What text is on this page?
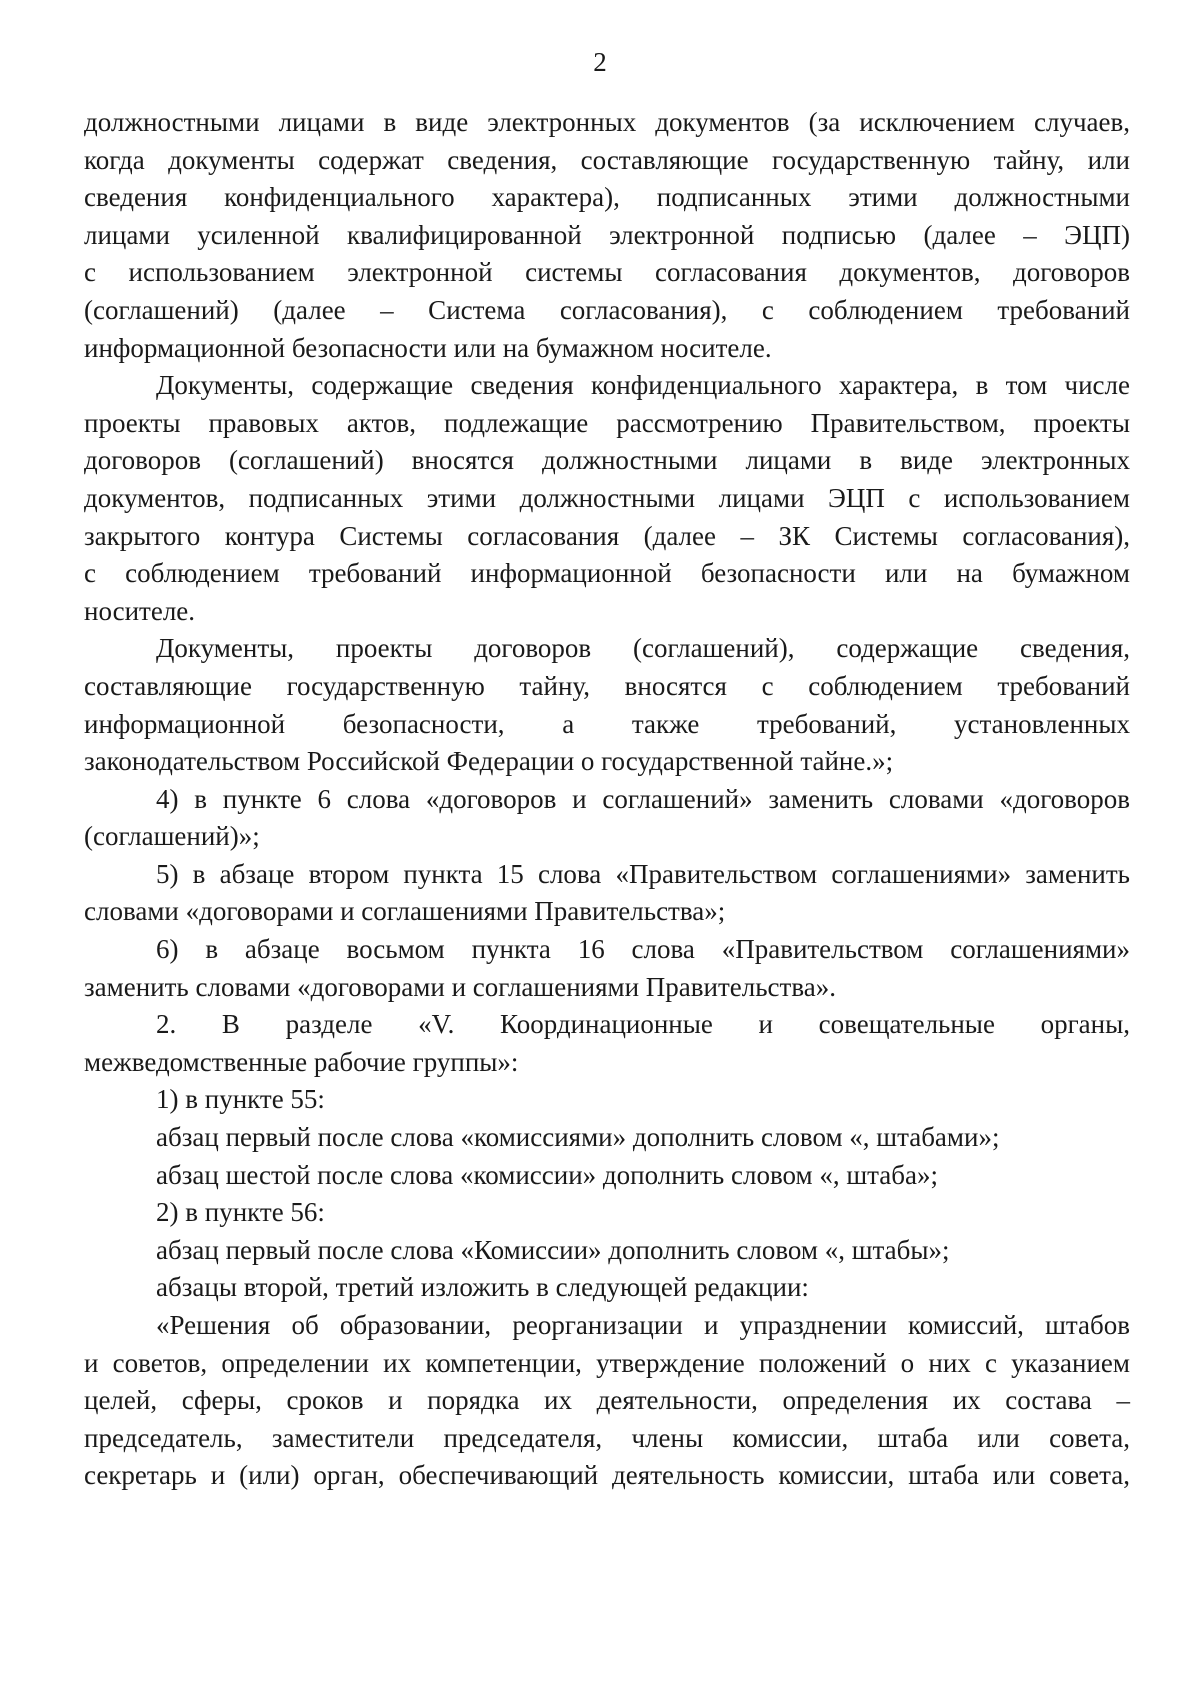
2
должностными лицами в виде электронных документов (за исключением случаев,
когда документы содержат сведения, составляющие государственную тайну, или
сведения конфиденциального характера), подписанных этими должностными
лицами усиленной квалифицированной электронной подписью (далее – ЭЦП)
с использованием электронной системы согласования документов, договоров
(соглашений) (далее – Система согласования), с соблюдением требований
информационной безопасности или на бумажном носителе.
Документы, содержащие сведения конфиденциального характера, в том числе
проекты правовых актов, подлежащие рассмотрению Правительством, проекты
договоров (соглашений) вносятся должностными лицами в виде электронных
документов, подписанных этими должностными лицами ЭЦП с использованием
закрытого контура Системы согласования (далее – ЗК Системы согласования),
с соблюдением требований информационной безопасности или на бумажном
носителе.
Документы, проекты договоров (соглашений), содержащие сведения,
составляющие государственную тайну, вносятся с соблюдением требований
информационной безопасности, а также требований, установленных
законодательством Российской Федерации о государственной тайне.»;
4) в пункте 6 слова «договоров и соглашений» заменить словами «договоров
(соглашений)»;
5) в абзаце втором пункта 15 слова «Правительством соглашениями» заменить
словами «договорами и соглашениями Правительства»;
6) в абзаце восьмом пункта 16 слова «Правительством соглашениями»
заменить словами «договорами и соглашениями Правительства».
2. В разделе «V. Координационные и совещательные органы,
межведомственные рабочие группы»:
1) в пункте 55:
абзац первый после слова «комиссиями» дополнить словом «, штабами»;
абзац шестой после слова «комиссии» дополнить словом «, штаба»;
2) в пункте 56:
абзац первый после слова «Комиссии» дополнить словом «, штабы»;
абзацы второй, третий изложить в следующей редакции:
«Решения об образовании, реорганизации и упразднении комиссий, штабов
и советов, определении их компетенции, утверждение положений о них с указанием
целей, сферы, сроков и порядка их деятельности, определения их состава –
председатель, заместители председателя, члены комиссии, штаба или совета,
секретарь и (или) орган, обеспечивающий деятельность комиссии, штаба или совета,
